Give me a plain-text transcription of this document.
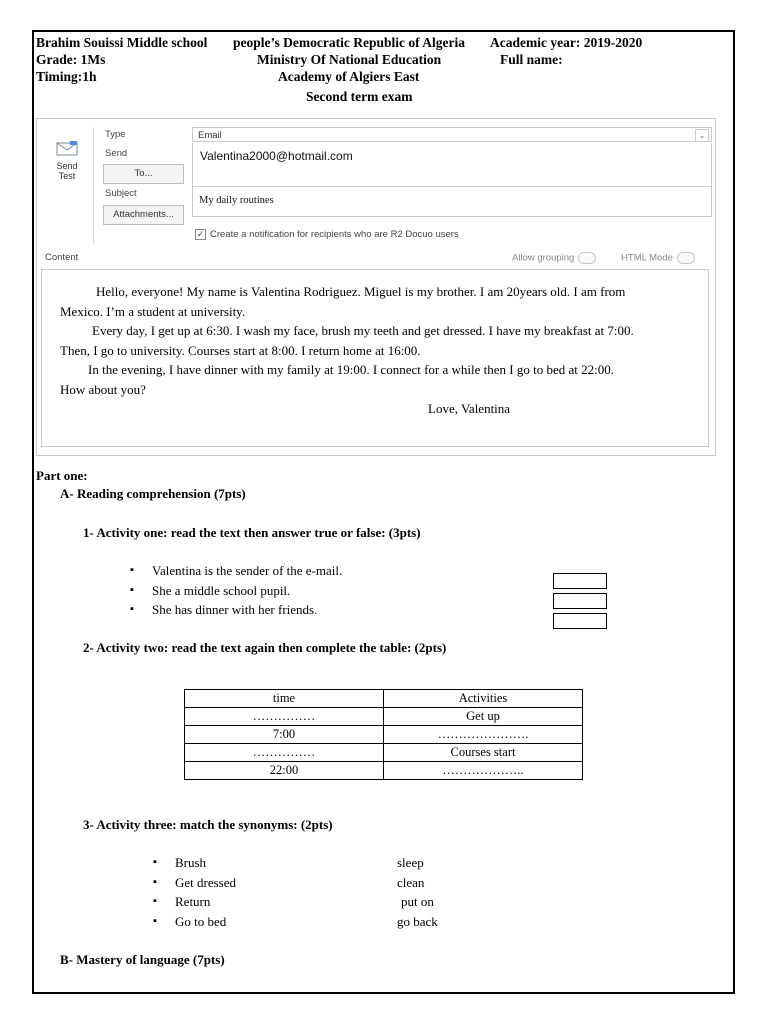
Brahim Souissi Middle school
Grade: 1Ms
Timing:1h
people’s Democratic Republic of Algeria
Ministry Of National Education
Academy of Algiers East
Second term exam
Academic year: 2019-2020
Full name:
Send
Test
Type
Send
To...
Subject
Attachments...
Email	⌄
Valentina2000@hotmail.com
My daily routines
✓ Create a notification for recipients who are R2 Docuo users
Content	Allow grouping	HTML Mode
Hello, everyone! My name is Valentina Rodriguez. Miguel is my brother. I am 20years old. I am from
Mexico. I’m a student at university.
Every day, I get up at 6:30. I wash my face, brush my teeth and get dressed. I have my breakfast at 7:00.
Then, I go to university. Courses start at 8:00. I return home at 16:00.
In the evening, I have dinner with my family at 19:00. I connect for a while then I go to bed at 22:00.
How about you?
Love, Valentina
Part one:
A- Reading comprehension (7pts)
1- Activity one: read the text then answer true or false: (3pts)
▪ Valentina is the sender of the e-mail.
▪ She a middle school pupil.
▪ She has dinner with her friends.
2- Activity two: read the text again then complete the table: (2pts)
time	Activities
……………	Get up
7:00	………………….
……………	Courses start
22:00	………………..
3- Activity three: match the synonyms: (2pts)
▪ Brush
▪ Get dressed
▪ Return
▪ Go to bed
sleep
clean
put on
go back
B- Mastery of language (7pts)
